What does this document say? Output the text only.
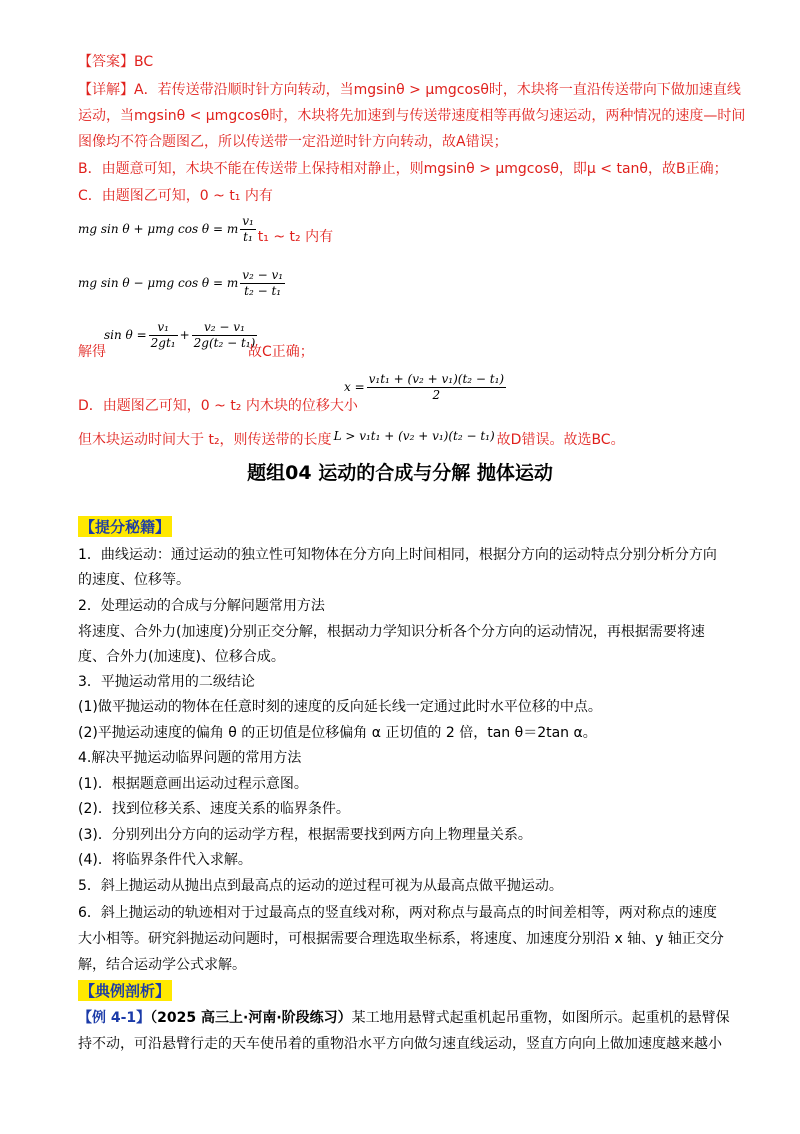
【答案】BC
【详解】A．若传送带沿顺时针方向转动，当mgsinθ > μmgcosθ时，木块将一直沿传送带向下做加速直线
运动，当mgsinθ < μmgcosθ时，木块将先加速到与传送带速度相等再做匀速运动，两种情况的速度—时间
图像均不符合题图乙，所以传送带一定沿逆时针方向转动，故A错误；
B．由题意可知，木块不能在传送带上保持相对静止，则mgsinθ > μmgcosθ，即μ < tanθ，故B正确；
C．由题图乙可知，0 ~ t₁ 内有
mg sin θ + μmg cos θ = m $\frac{\text{v₁}}{\text{t₁}} t_1$ ~ t₂ 内有
mg sin θ − μmg cos θ = m $\frac{\text{v₂ − v₁}}{\text{t₂ − t₁}}$
$\sin \theta = \frac{\text{v₁}}{\text{2gt₁}} + \frac{\text{v₂ − v₁}}{\text{2g(t₂ − t₁)}}$
解得	故C正确；
D．由题图乙可知，0 ~ t₂ 内木块的位移大小
$x = \frac{\text{v₁t₁ + (v₂ + v₁)(t₂ − t₁)}}{2}$
但木块运动时间大于 t₂，则传送带的长度 L > v₁t₁ + (v₂ + v₁)(t₂ − t₁) 故D错误。故选BC。
题组04 运动的合成与分解 抛体运动
【提分秘籍】
1．曲线运动：通过运动的独立性可知物体在分方向上时间相同，根据分方向的运动特点分别分析分方向
的速度、位移等。
2．处理运动的合成与分解问题常用方法
将速度、合外力(加速度)分别正交分解，根据动力学知识分析各个分方向的运动情况，再根据需要将速
度、合外力(加速度)、位移合成。
3．平抛运动常用的二级结论
(1)做平抛运动的物体在任意时刻的速度的反向延长线一定通过此时水平位移的中点。
(2)平抛运动速度的偏角 θ 的正切值是位移偏角 α 正切值的 2 倍，tan θ＝2tan α。
4.解决平抛运动临界问题的常用方法
(1)．根据题意画出运动过程示意图。
(2)．找到位移关系、速度关系的临界条件。
(3)．分别列出分方向的运动学方程，根据需要找到两方向上物理量关系。
(4)．将临界条件代入求解。
5．斜上抛运动从抛出点到最高点的运动的逆过程可视为从最高点做平抛运动。
6．斜上抛运动的轨迹相对于过最高点的竖直线对称，两对称点与最高点的时间差相等，两对称点的速度
大小相等。研究斜抛运动问题时，可根据需要合理选取坐标系，将速度、加速度分别沿 x 轴、y 轴正交分
解，结合运动学公式求解。
【典例剖析】
【例 4-1】（2025 高三上·河南·阶段练习）某工地用悬臂式起重机起吊重物，如图所示。起重机的悬臂保
持不动，可沿悬臂行走的天车使吊着的重物沿水平方向做匀速直线运动，竖直方向向上做加速度越来越小
